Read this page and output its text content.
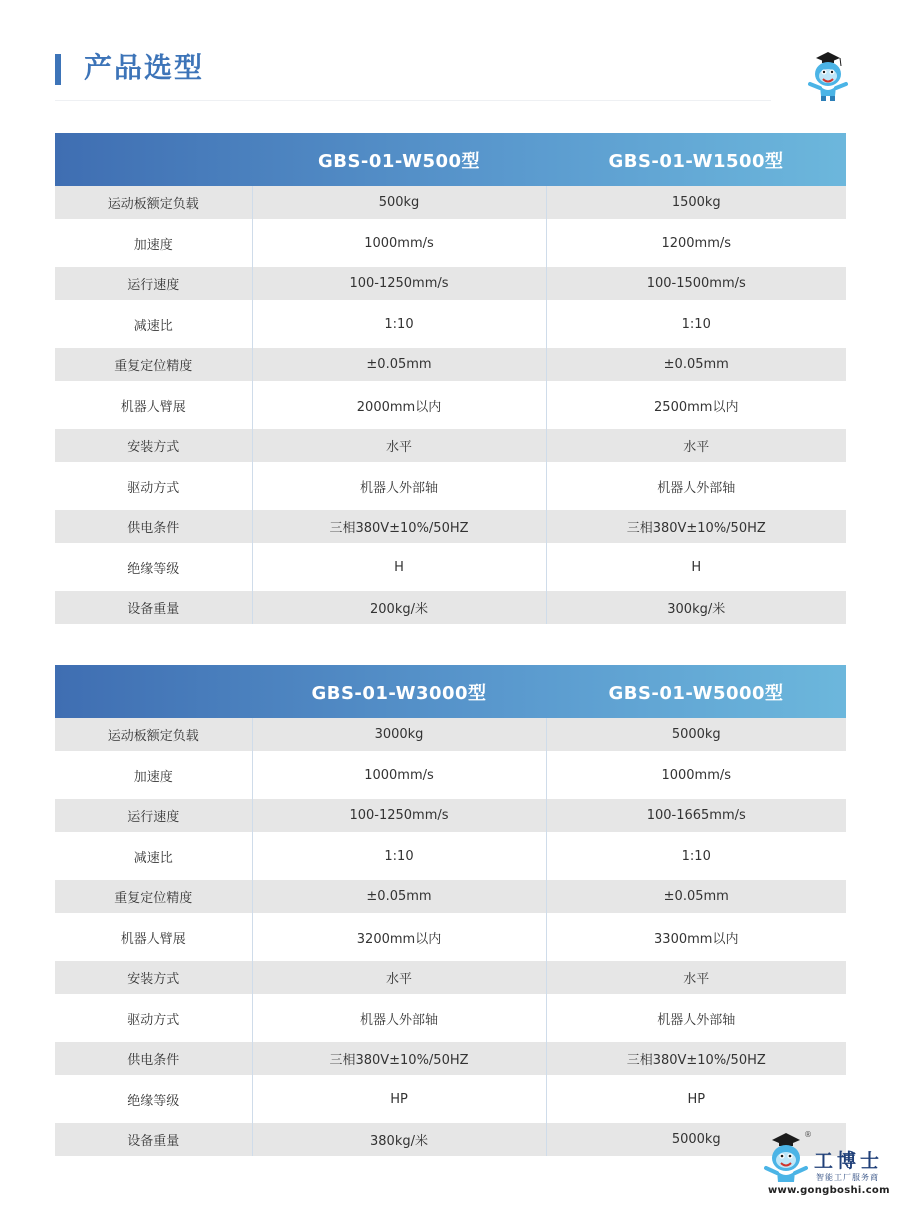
产品选型
	GBS-01-W500型	GBS-01-W1500型
运动板额定负载	500kg	1500kg
加速度	1000mm/s	1200mm/s
运行速度	100-1250mm/s	100-1500mm/s
减速比	1:10	1:10
重复定位精度	±0.05mm	±0.05mm
机器人臂展	2000mm以内	2500mm以内
安装方式	水平	水平
驱动方式	机器人外部轴	机器人外部轴
供电条件	三相380V±10%/50HZ	三相380V±10%/50HZ
绝缘等级	H	H
设备重量	200kg/米	300kg/米
	GBS-01-W3000型	GBS-01-W5000型
运动板额定负载	3000kg	5000kg
加速度	1000mm/s	1000mm/s
运行速度	100-1250mm/s	100-1665mm/s
减速比	1:10	1:10
重复定位精度	±0.05mm	±0.05mm
机器人臂展	3200mm以内	3300mm以内
安装方式	水平	水平
驱动方式	机器人外部轴	机器人外部轴
供电条件	三相380V±10%/50HZ	三相380V±10%/50HZ
绝缘等级	HP	HP
设备重量	380kg/米	5000kg	®
工博士
智能工厂服务商
www.gongboshi.com
